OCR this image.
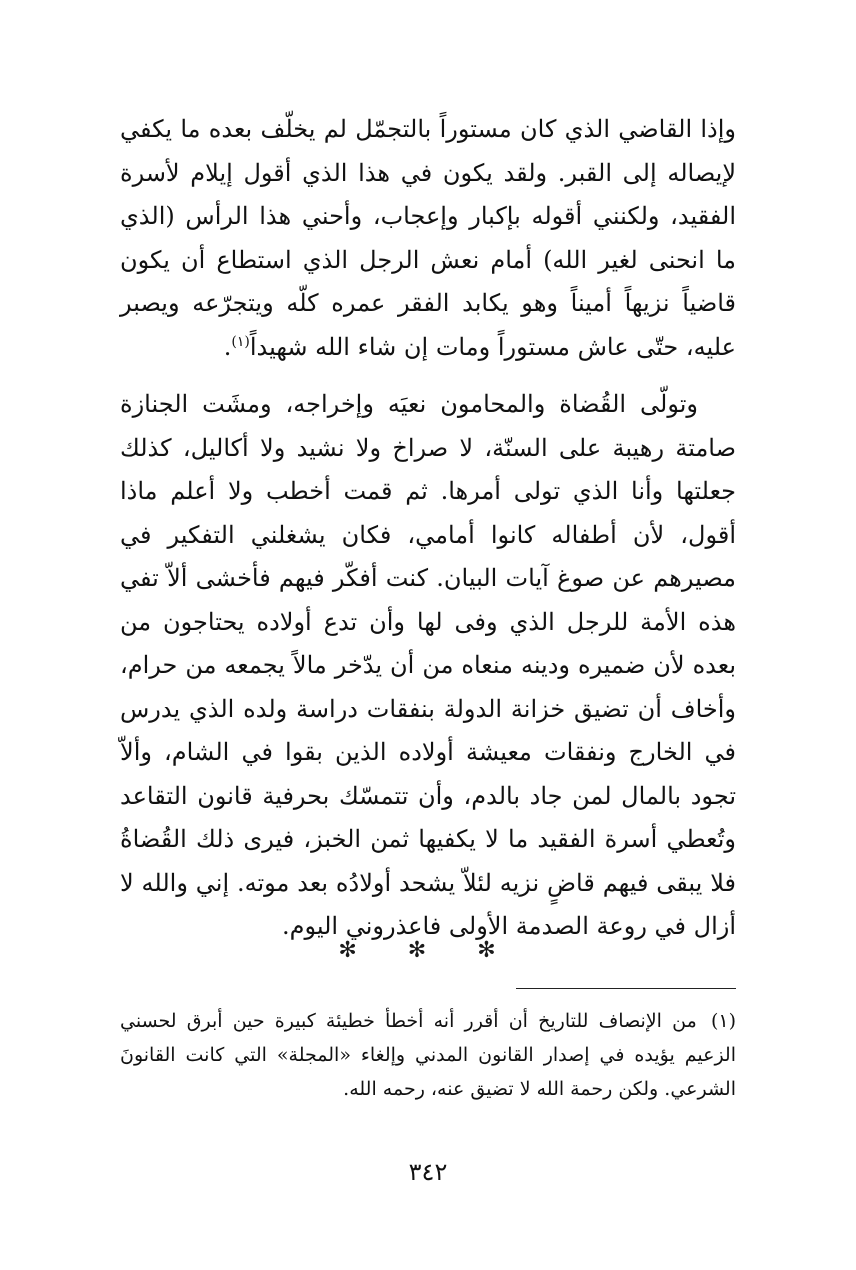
وإذا القاضي الذي كان مستوراً بالتجمّل لم يخلّف بعده ما يكفي لإيصاله إلى القبر. ولقد يكون في هذا الذي أقول إيلام لأسرة الفقيد، ولكنني أقوله بإكبار وإعجاب، وأحني هذا الرأس (الذي ما انحنى لغير الله) أمام نعش الرجل الذي استطاع أن يكون قاضياً نزيهاً أميناً وهو يكابد الفقر عمره كلّه ويتجرّعه ويصبر عليه، حتّى عاش مستوراً ومات إن شاء الله شهيداً$^{(١)}$.

وتولّى القُضاة والمحامون نعيَه وإخراجه، ومشَت الجنازة صامتة رهيبة على السنّة، لا صراخ ولا نشيد ولا أكاليل، كذلك جعلتها وأنا الذي تولى أمرها. ثم قمت أخطب ولا أعلم ماذا أقول، لأن أطفاله كانوا أمامي، فكان يشغلني التفكير في مصيرهم عن صوغ آيات البيان. كنت أفكّر فيهم فأخشى ألاّ تفي هذه الأمة للرجل الذي وفى لها وأن تدع أولاده يحتاجون من بعده لأن ضميره ودينه منعاه من أن يدّخر مالاً يجمعه من حرام، وأخاف أن تضيق خزانة الدولة بنفقات دراسة ولده الذي يدرس في الخارج ونفقات معيشة أولاده الذين بقوا في الشام، وألاّ تجود بالمال لمن جاد بالدم، وأن تتمسّك بحرفية قانون التقاعد وتُعطي أسرة الفقيد ما لا يكفيها ثمن الخبز، فيرى ذلك القُضاةُ فلا يبقى فيهم قاضٍ نزيه لئلاّ يشحد أولادُه بعد موته. إني والله لا أزال في روعة الصدمة الأولى فاعذروني اليوم.

✻ ✻ ✻

(١) من الإنصاف للتاريخ أن أقرر أنه أخطأ خطيئة كبيرة حين أبرق لحسني الزعيم يؤيده في إصدار القانون المدني وإلغاء «المجلة» التي كانت القانونَ الشرعي. ولكن رحمة الله لا تضيق عنه، رحمه الله.

٣٤٢
